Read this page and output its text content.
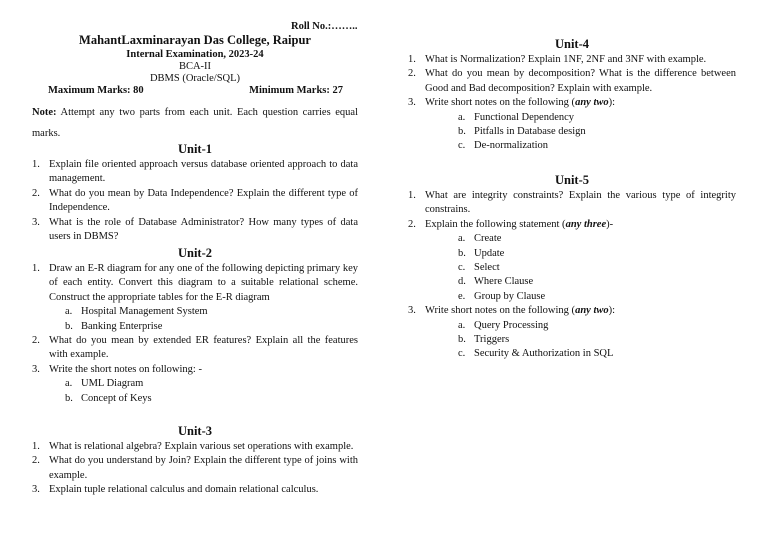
Roll No.:……..
MahantLaxminarayan Das College, Raipur
Internal Examination, 2023-24
BCA-II
DBMS (Oracle/SQL)
Maximum Marks: 80	Minimum Marks: 27
Note: Attempt any two parts from each unit. Each question carries equal marks.
Unit-1
1. Explain file oriented approach versus database oriented approach to data management.
2. What do you mean by Data Independence? Explain the different type of Independence.
3. What is the role of Database Administrator? How many types of data users in DBMS?
Unit-2
1. Draw an E-R diagram for any one of the following depicting primary key of each entity. Convert this diagram to a suitable relational scheme. Construct the appropriate tables for the E-R diagram
a. Hospital Management System
b. Banking Enterprise
2. What do you mean by extended ER features? Explain all the features with example.
3. Write the short notes on following: -
a. UML Diagram
b. Concept of Keys
Unit-3
1. What is relational algebra? Explain various set operations with example.
2. What do you understand by Join? Explain the different type of joins with example.
3. Explain tuple relational calculus and domain relational calculus.
Unit-4
1. What is Normalization? Explain 1NF, 2NF and 3NF with example.
2. What do you mean by decomposition? What is the difference between Good and Bad decomposition? Explain with example.
3. Write short notes on the following (any two):
a. Functional Dependency
b. Pitfalls in Database design
c. De-normalization
Unit-5
1. What are integrity constraints? Explain the various type of integrity constrains.
2. Explain the following statement (any three)-
a. Create
b. Update
c. Select
d. Where Clause
e. Group by Clause
3. Write short notes on the following (any two):
a. Query Processing
b. Triggers
c. Security & Authorization in SQL
